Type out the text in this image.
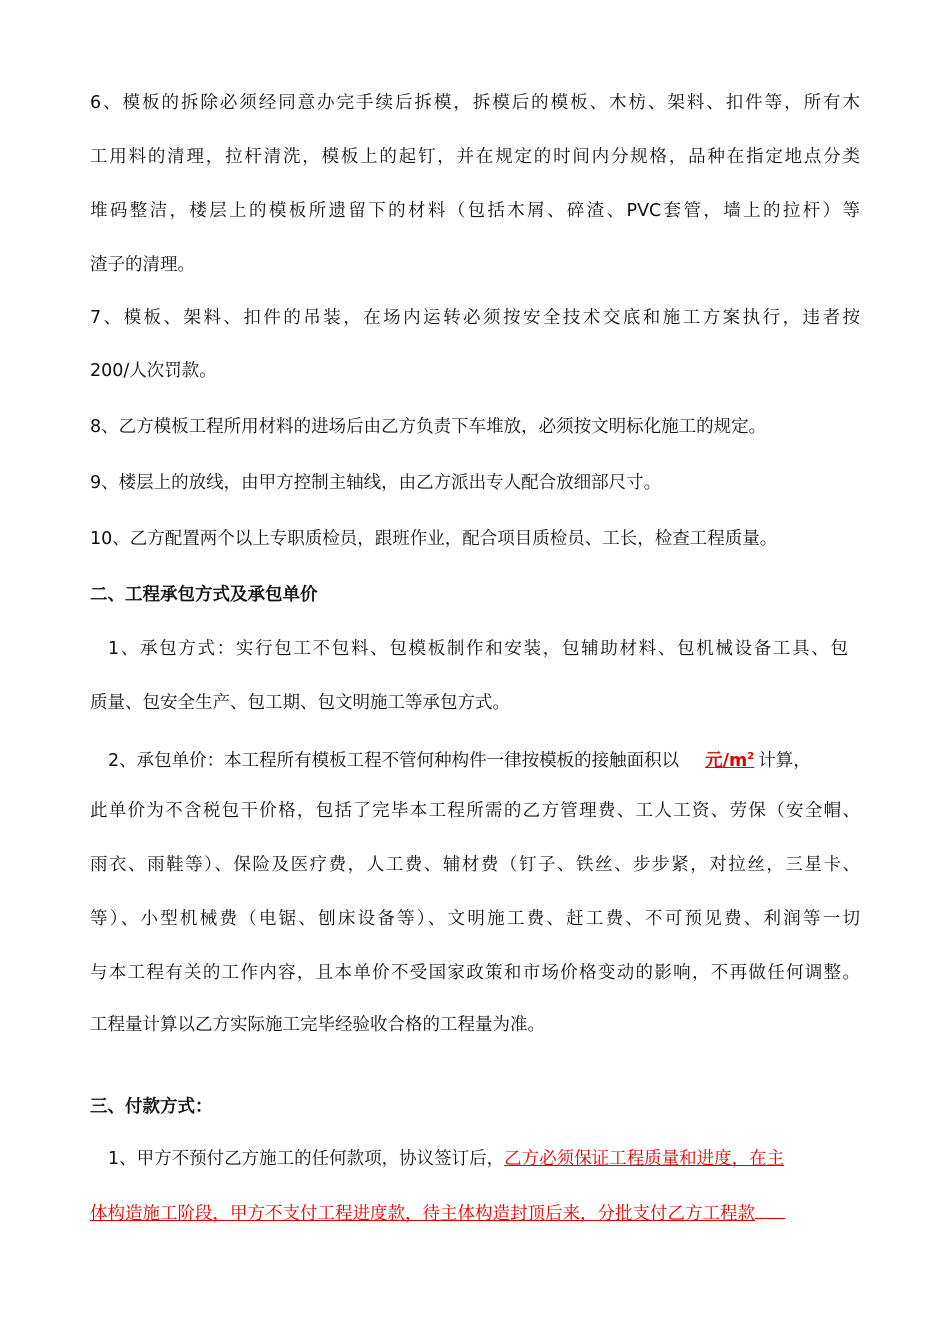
6、模板的拆除必须经同意办完手续后拆模，拆模后的模板、木枋、架料、扣件等，所有木
工用料的清理，拉杆清洗，模板上的起钉，并在规定的时间内分规格，品种在指定地点分类
堆码整洁，楼层上的模板所遗留下的材料（包括木屑、碎渣、PVC套管，墙上的拉杆）等
渣子的清理。
7、模板、架料、扣件的吊装，在场内运转必须按安全技术交底和施工方案执行，违者按
200/人次罚款。
8、乙方模板工程所用材料的进场后由乙方负责下车堆放，必须按文明标化施工的规定。
9、楼层上的放线，由甲方控制主轴线，由乙方派出专人配合放细部尺寸。
10、乙方配置两个以上专职质检员，跟班作业，配合项目质检员、工长，检查工程质量。
二、工程承包方式及承包单价
1、承包方式：实行包工不包料、包模板制作和安装，包辅助材料、包机械设备工具、包
质量、包安全生产、包工期、包文明施工等承包方式。
2、承包单价：本工程所有模板工程不管何种构件一律按模板的接触面积以 元$/m^2$ 计算，
此单价为不含税包干价格，包括了完毕本工程所需的乙方管理费、工人工资、劳保（安全帽、
雨衣、雨鞋等）、保险及医疗费，人工费、辅材费（钉子、铁丝、步步紧，对拉丝，三星卡、
等）、小型机械费（电锯、刨床设备等）、文明施工费、赶工费、不可预见费、利润等一切
与本工程有关的工作内容，且本单价不受国家政策和市场价格变动的影响，不再做任何调整。
工程量计算以乙方实际施工完毕经验收合格的工程量为准。
三、付款方式：
1、甲方不预付乙方施工的任何款项，协议签订后，乙方必须保证工程质量和进度，在主
体构造施工阶段，甲方不支付工程进度款，待主体构造封顶后来，分批支付乙方工程款
